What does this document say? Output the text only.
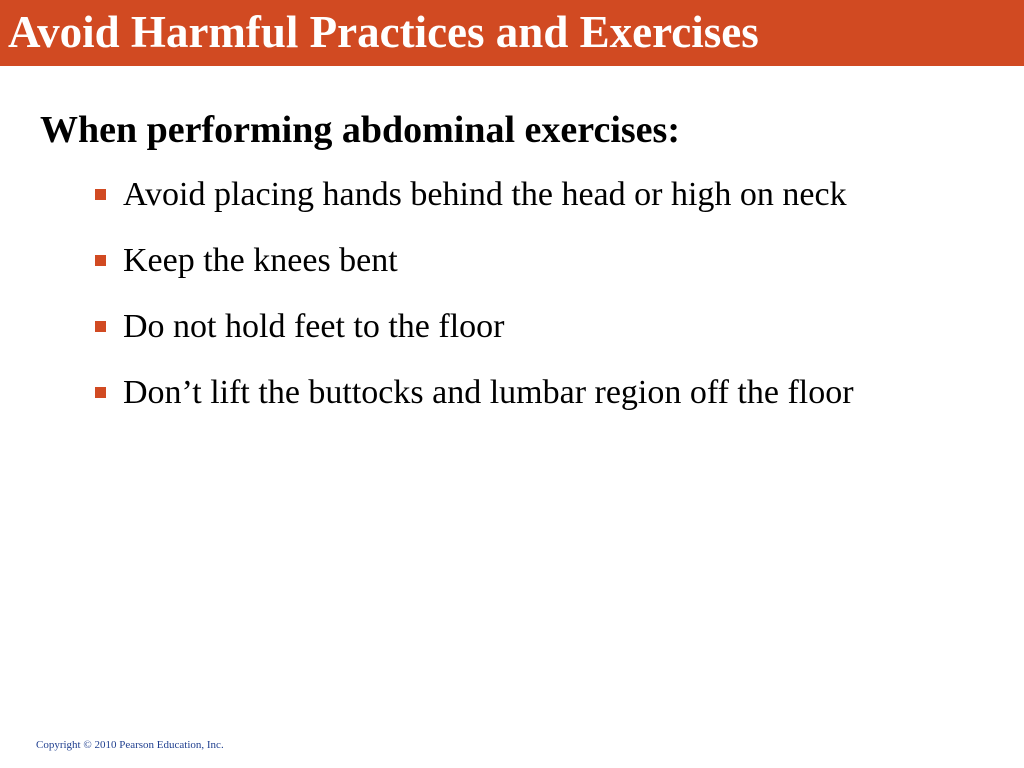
Avoid Harmful Practices and Exercises
When performing abdominal exercises:
Avoid placing hands behind the head or high on neck
Keep the knees bent
Do not hold feet to the floor
Don’t lift the buttocks and lumbar region off the floor
Copyright © 2010 Pearson Education, Inc.
